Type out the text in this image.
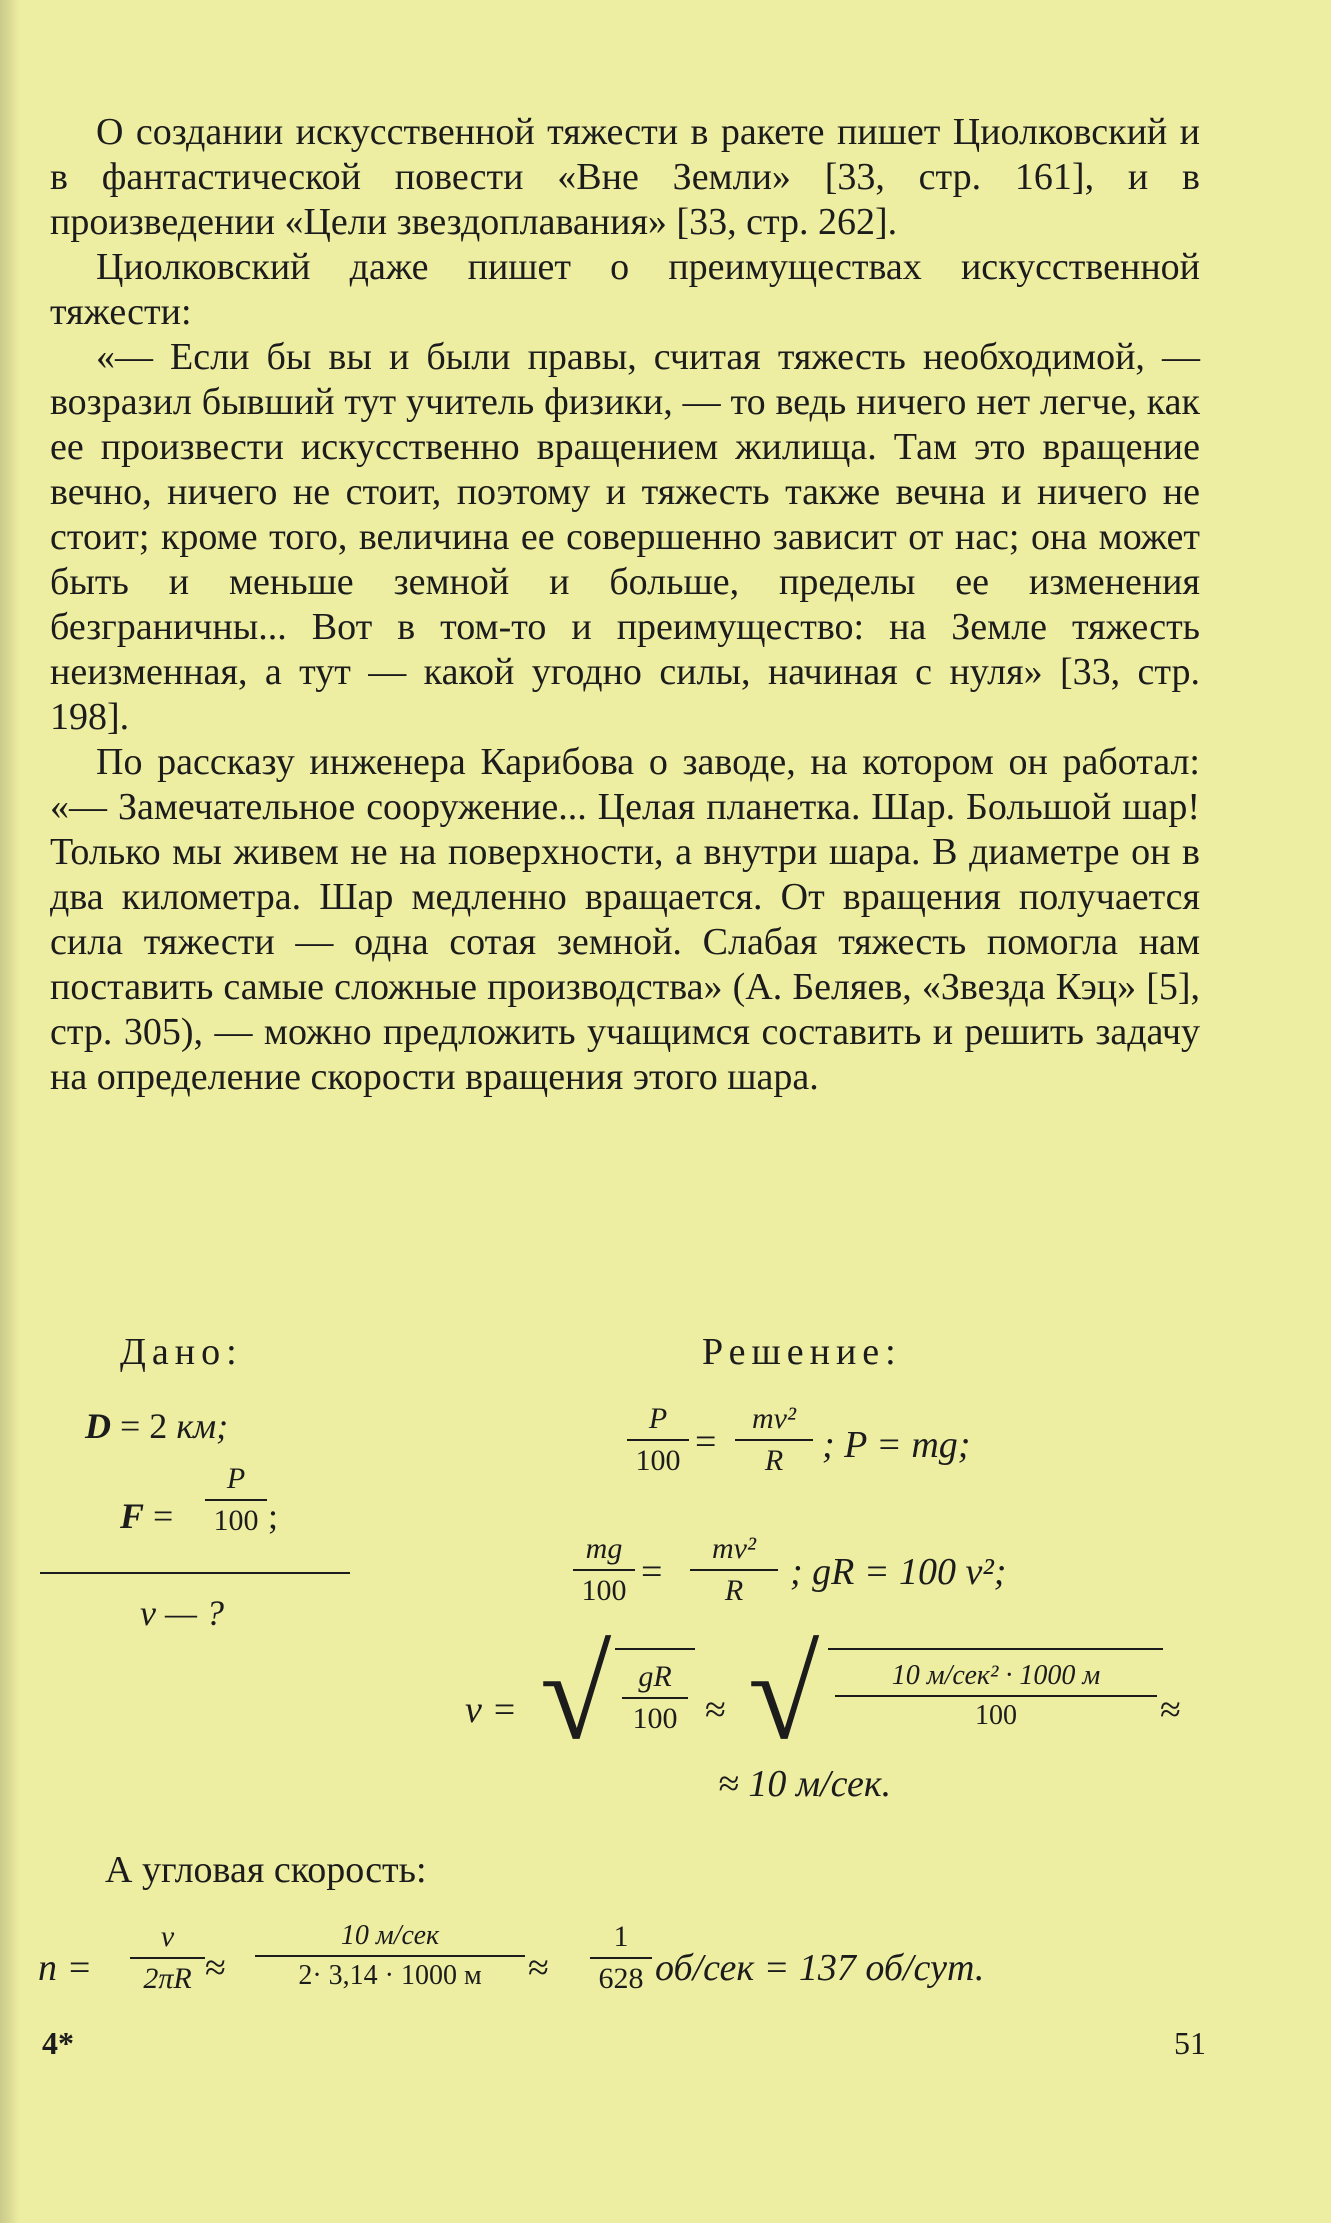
О создании искусственной тяжести в ракете пишет Циолковский и в фантастической повести «Вне Земли» [33, стр. 161], и в произведении «Цели звездоплавания» [33, стр. 262].

Циолковский даже пишет о преимуществах искусственной тяжести:

«— Если бы вы и были правы, считая тяжесть необходимой, — возразил бывший тут учитель физики, — то ведь ничего нет легче, как ее произвести искусственно вращением жилища. Там это вращение вечно, ничего не стоит, поэтому и тяжесть также вечна и ничего не стоит; кроме того, величина ее совершенно зависит от нас; она может быть и меньше земной и больше, пределы ее изменения безграничны... Вот в том-то и преимущество: на Земле тяжесть неизменная, а тут — какой угодно силы, начиная с нуля» [33, стр. 198].

По рассказу инженера Карибова о заводе, на котором он работал: «— Замечательное сооружение... Целая планетка. Шар. Большой шар! Только мы живем не на поверхности, а внутри шара. В диаметре он в два километра. Шар медленно вращается. От вращения получается сила тяжести — одна сотая земной. Слабая тяжесть помогла нам поставить самые сложные производства» (А. Беляев, «Звезда Кэц» [5], стр. 305), — можно предложить учащимся составить и решить задачу на определение скорости вращения этого шара.

Дано:
D = 2 км;
F =
P
100 ;
v — ?
Решение:
P
100 =
mv²
R	; P = mg;
mg
100 =
mv²
R	; gR = 100 v²;
v = √ gR
100 ≈ √	10 м/сек² · 1000 м
100	≈
≈ 10 м/сек.
А угловая скорость:
n =
v
2πR ≈
10 м/сек
2· 3,14 · 1000 м	≈
1
628 об/сек = 137 об/сут.
4*	51
